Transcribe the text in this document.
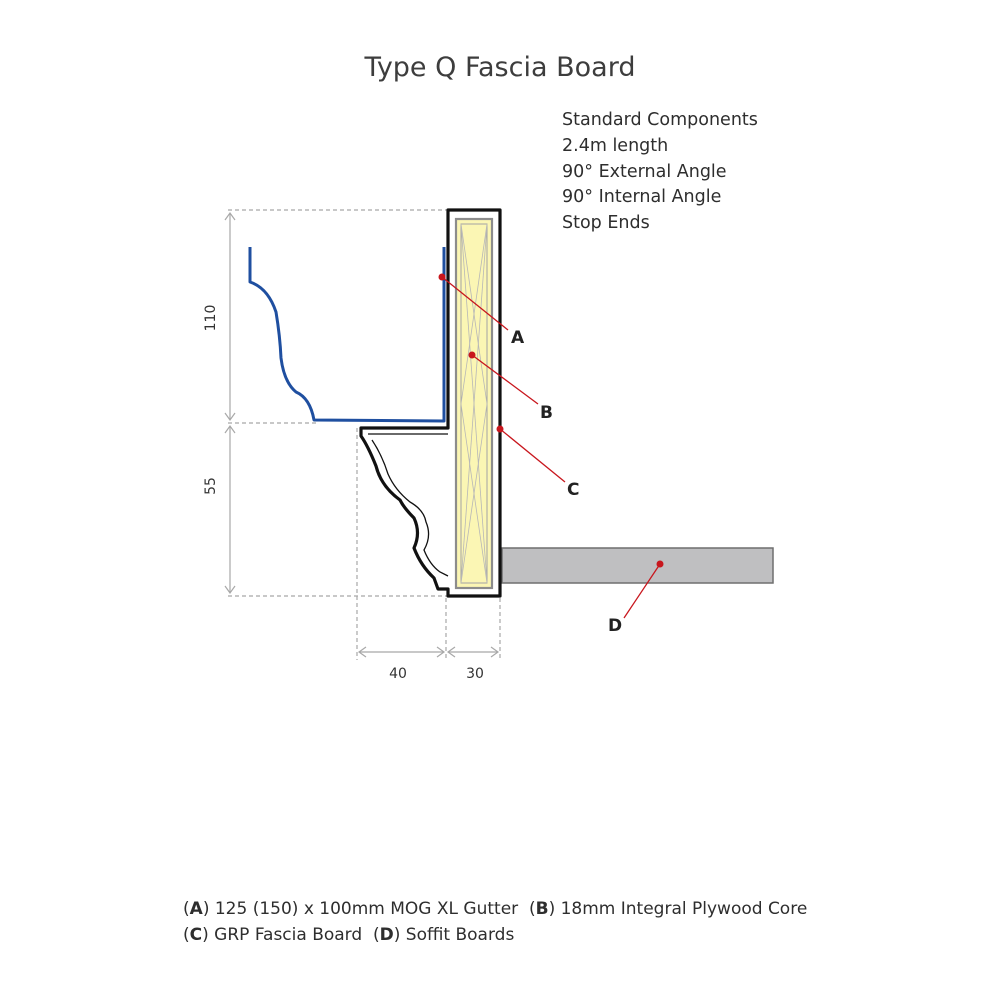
Type Q Fascia Board
Standard Components
2.4m length
90° External Angle
90° Internal Angle
Stop Ends
110
55
40	30
A
B
C
D
(A) 125 (150) x 100mm MOG XL Gutter  (B) 18mm Integral Plywood Core
(C) GRP Fascia Board  (D) Soffit Boards
